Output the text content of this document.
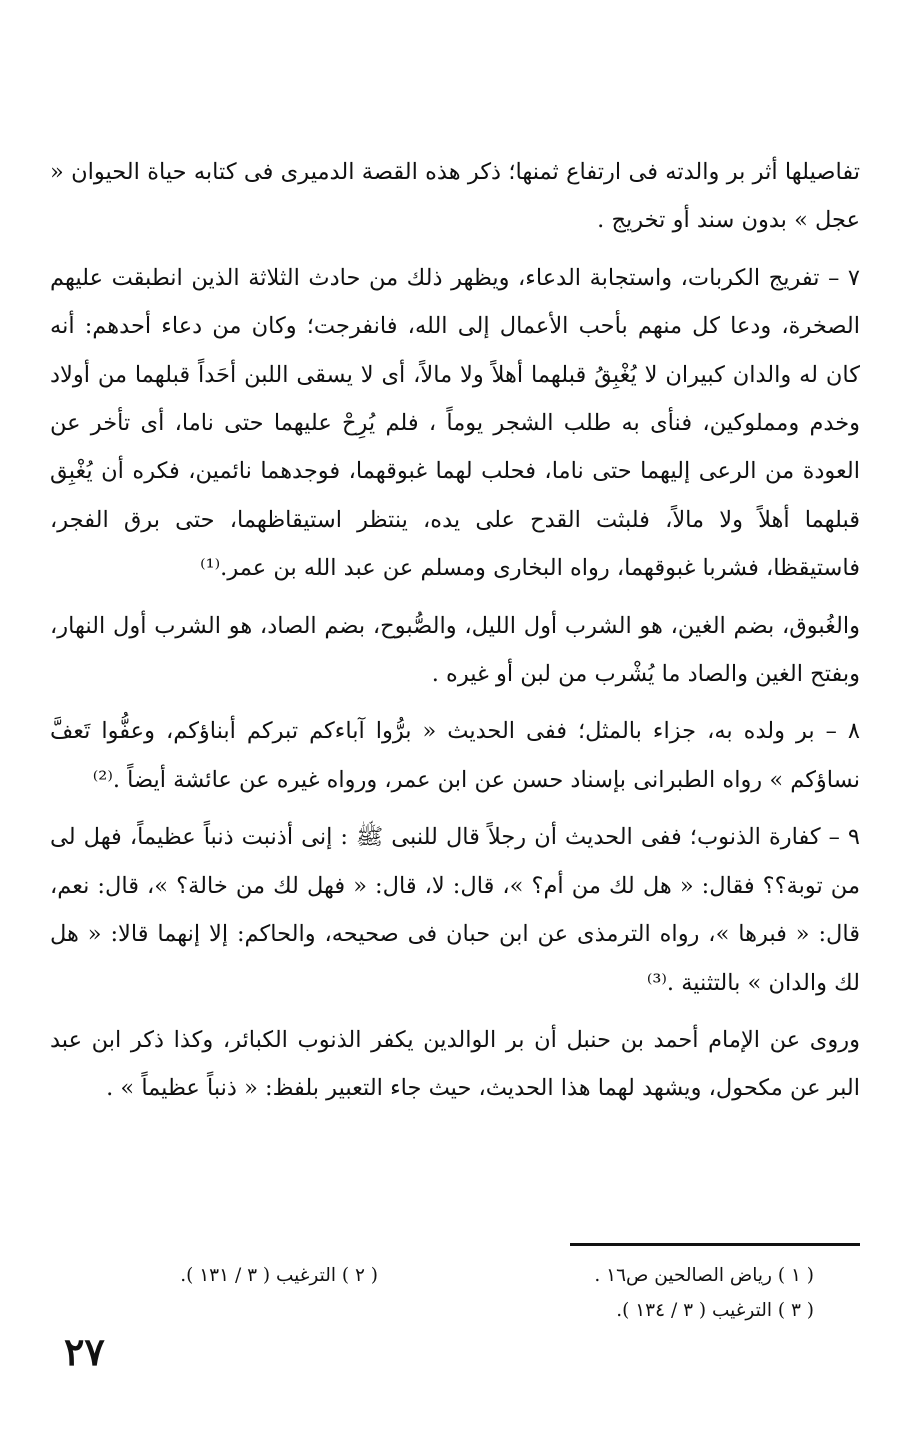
تفاصيلها أثر بر والدته فى ارتفاع ثمنها؛ ذكر هذه القصة الدميرى فى كتابه حياة الحيوان « عجل » بدون سند أو تخريج .

٧ – تفريج الكربات، واستجابة الدعاء، ويظهر ذلك من حادث الثلاثة الذين انطبقت عليهم الصخرة، ودعا كل منهم بأحب الأعمال إلى الله، فانفرجت؛ وكان من دعاء أحدهم: أنه كان له والدان كبيران لا يُغْبِقُ قبلهما أهلاً ولا مالاً، أى لا يسقى اللبن أحَداً قبلهما من أولاد وخدم ومملوكين، فنأى به طلب الشجر يوماً ، فلم يُرِحْ عليهما حتى ناما، أى تأخر عن العودة من الرعى إليهما حتى ناما، فحلب لهما غبوقهما، فوجدهما نائمين، فكره أن يُغْبِق قبلهما أهلاً ولا مالاً، فلبثت القدح على يده، ينتظر استيقاظهما، حتى برق الفجر، فاستيقظا، فشربا غبوقهما، رواه البخارى ومسلم عن عبد الله بن عمر.⁽¹⁾

والغُبوق، بضم الغين، هو الشرب أول الليل، والصُّبوح، بضم الصاد، هو الشرب أول النهار، وبفتح الغين والصاد ما يُشْرب من لبن أو غيره .

٨ – بر ولده به، جزاء بالمثل؛ ففى الحديث « برُّوا آباءكم تبركم أبناؤكم، وعفُّوا تَعفَّ نساؤكم » رواه الطبرانى بإسناد حسن عن ابن عمر، ورواه غيره عن عائشة أيضاً .⁽²⁾

٩ – كفارة الذنوب؛ ففى الحديث أن رجلاً قال للنبى ﷺ : إنى أذنبت ذنباً عظيماً، فهل لى من توبة؟؟ فقال: « هل لك من أم؟ »، قال: لا، قال: « فهل لك من خالة؟ »، قال: نعم، قال: « فبرها »، رواه الترمذى عن ابن حبان فى صحيحه، والحاكم: إلا إنهما قالا: « هل لك والدان » بالتثنية .⁽³⁾

وروى عن الإمام أحمد بن حنبل أن بر الوالدين يكفر الذنوب الكبائر، وكذا ذكر ابن عبد البر عن مكحول، ويشهد لهما هذا الحديث، حيث جاء التعبير بلفظ: « ذنباً عظيماً » .

( ١ ) رياض الصالحين ص١٦ .
( ٣ ) الترغيب ( ٣ / ١٣٤ ).
( ٢ ) الترغيب ( ٣ / ١٣١ ).
٢٧
